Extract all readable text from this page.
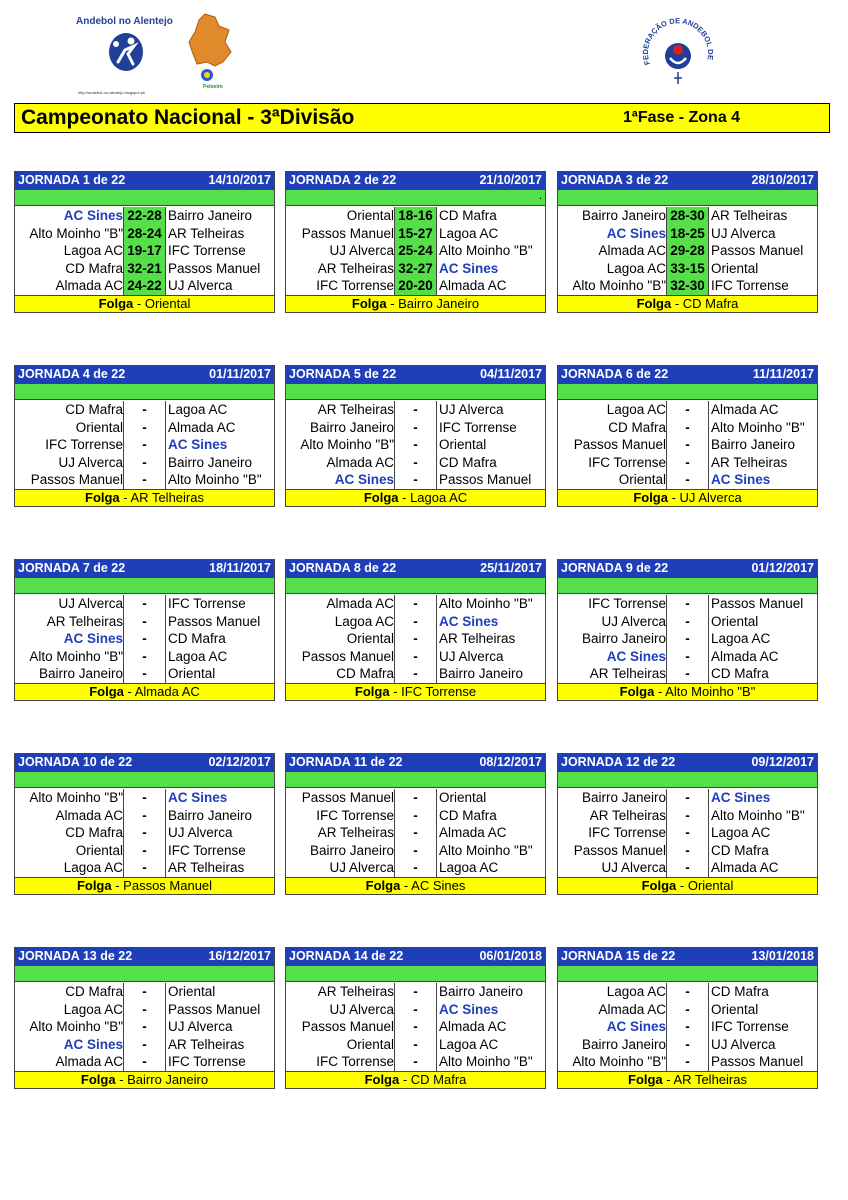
Andebol no Alentejo
http://andebol-no-alentejo.blogspot.pt/
Peloeiro
FEDERAÇÃO DE ANDEBOL DE
Campeonato Nacional - 3ªDivisão	1ªFase - Zona 4
JORNADA 1 de 22	14/10/2017
AC Sines 22-28 Bairro Janeiro
Alto Moinho "B" 28-24 AR Telheiras
Lagoa AC 19-17 IFC Torrense
CD Mafra 32-21 Passos Manuel
Almada AC 24-22 UJ Alverca
Folga - Oriental
JORNADA 2 de 22	21/10/2017
.
Oriental 18-16 CD Mafra
Passos Manuel 15-27 Lagoa AC
UJ Alverca 25-24 Alto Moinho "B"
AR Telheiras 32-27 AC Sines
IFC Torrense 20-20 Almada AC
Folga - Bairro Janeiro
JORNADA 3 de 22	28/10/2017
Bairro Janeiro 28-30 AR Telheiras
AC Sines 18-25 UJ Alverca
Almada AC 29-28 Passos Manuel
Lagoa AC 33-15 Oriental
Alto Moinho "B" 32-30 IFC Torrense
Folga - CD Mafra
JORNADA 4 de 22	01/11/2017
CD Mafra	-	Lagoa AC
Oriental	-	Almada AC
IFC Torrense	-	AC Sines
UJ Alverca	-	Bairro Janeiro
Passos Manuel	-	Alto Moinho "B"
Folga - AR Telheiras
JORNADA 5 de 22	04/11/2017
AR Telheiras	-	UJ Alverca
Bairro Janeiro	-	IFC Torrense
Alto Moinho "B"	-	Oriental
Almada AC	-	CD Mafra
AC Sines	-	Passos Manuel
Folga - Lagoa AC
JORNADA 6 de 22	11/11/2017
Lagoa AC	-	Almada AC
CD Mafra	-	Alto Moinho "B"
Passos Manuel	-	Bairro Janeiro
IFC Torrense	-	AR Telheiras
Oriental	-	AC Sines
Folga - UJ Alverca
JORNADA 7 de 22	18/11/2017
UJ Alverca	-	IFC Torrense
AR Telheiras	-	Passos Manuel
AC Sines	-	CD Mafra
Alto Moinho "B"	-	Lagoa AC
Bairro Janeiro	-	Oriental
Folga - Almada AC
JORNADA 8 de 22	25/11/2017
Almada AC	-	Alto Moinho "B"
Lagoa AC	-	AC Sines
Oriental	-	AR Telheiras
Passos Manuel	-	UJ Alverca
CD Mafra	-	Bairro Janeiro
Folga - IFC Torrense
JORNADA 9 de 22	01/12/2017
IFC Torrense	-	Passos Manuel
UJ Alverca	-	Oriental
Bairro Janeiro	-	Lagoa AC
AC Sines	-	Almada AC
AR Telheiras	-	CD Mafra
Folga - Alto Moinho "B"
JORNADA 10 de 22	02/12/2017
Alto Moinho "B"	-	AC Sines
Almada AC	-	Bairro Janeiro
CD Mafra	-	UJ Alverca
Oriental	-	IFC Torrense
Lagoa AC	-	AR Telheiras
Folga - Passos Manuel
JORNADA 11 de 22	08/12/2017
Passos Manuel	-	Oriental
IFC Torrense	-	CD Mafra
AR Telheiras	-	Almada AC
Bairro Janeiro	-	Alto Moinho "B"
UJ Alverca	-	Lagoa AC
Folga - AC Sines
JORNADA 12 de 22	09/12/2017
Bairro Janeiro	-	AC Sines
AR Telheiras	-	Alto Moinho "B"
IFC Torrense	-	Lagoa AC
Passos Manuel	-	CD Mafra
UJ Alverca	-	Almada AC
Folga - Oriental
JORNADA 13 de 22	16/12/2017
CD Mafra	-	Oriental
Lagoa AC	-	Passos Manuel
Alto Moinho "B"	-	UJ Alverca
AC Sines	-	AR Telheiras
Almada AC	-	IFC Torrense
Folga - Bairro Janeiro
JORNADA 14 de 22	06/01/2018
AR Telheiras	-	Bairro Janeiro
UJ Alverca	-	AC Sines
Passos Manuel	-	Almada AC
Oriental	-	Lagoa AC
IFC Torrense	-	Alto Moinho "B"
Folga - CD Mafra
JORNADA 15 de 22	13/01/2018
Lagoa AC	-	CD Mafra
Almada AC	-	Oriental
AC Sines	-	IFC Torrense
Bairro Janeiro	-	UJ Alverca
Alto Moinho "B"	-	Passos Manuel
Folga - AR Telheiras
